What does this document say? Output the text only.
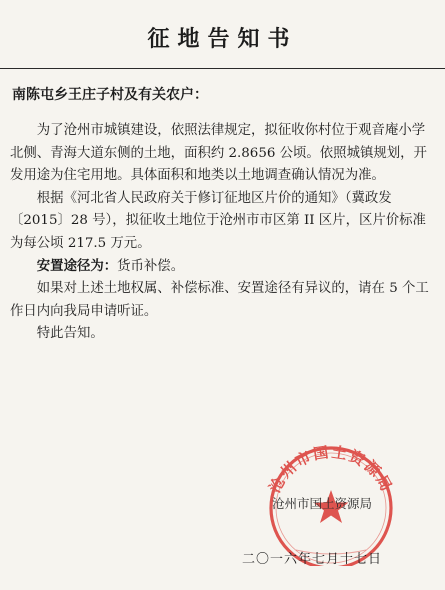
征地告知书
南陈屯乡王庄子村及有关农户：

为了沧州市城镇建设，依照法律规定，拟征收你村位于观音庵小学北侧、青海大道东侧的土地，面积约 2.8656 公顷。依照城镇规划，开发用途为住宅用地。具体面积和地类以土地调查确认情况为准。

根据《河北省人民政府关于修订征地区片价的通知》（冀政发〔2015〕28 号），拟征收土地位于沧州市市区第 II 区片，区片价标准为每公顷 217.5 万元。

安置途径为：货币补偿。

如果对上述土地权属、补偿标准、安置途径有异议的，请在 5 个工作日内向我局申请听证。

特此告知。

沧州市国土资源局
沧州市国土资源局
二〇一六年七月十七日
